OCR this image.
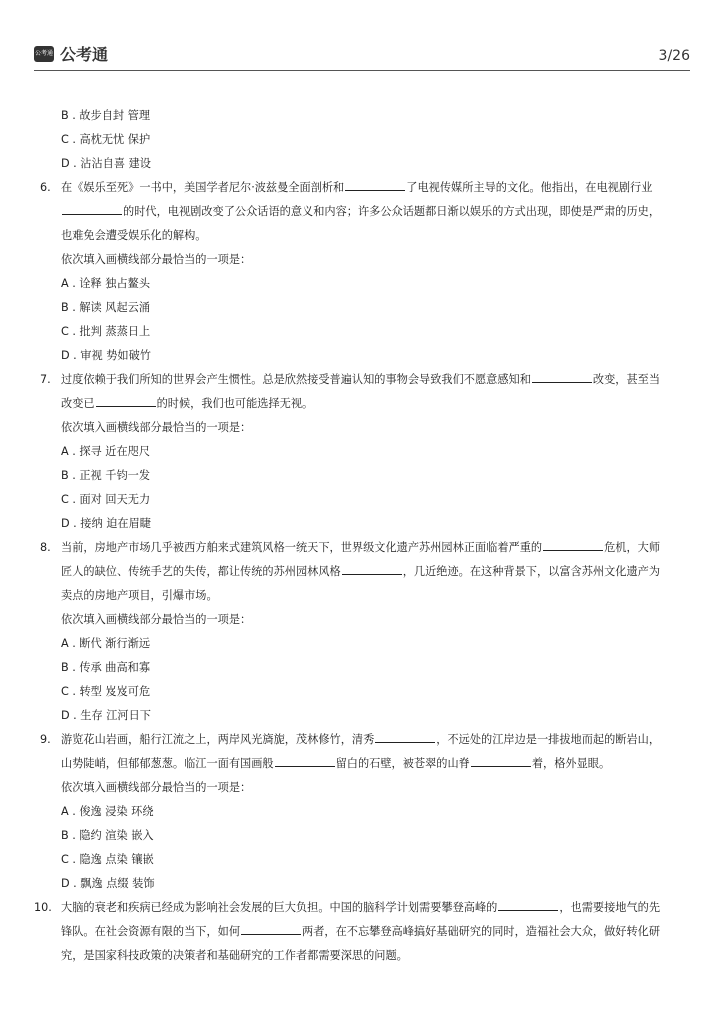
公考通 公考通	3/26
B . 故步自封 管理
C . 高枕无忧 保护
D . 沾沾自喜 建设
6. 在《娱乐至死》一书中，美国学者尼尔·波兹曼全面剖析和	了电视传媒所主导的文化。他指出，在电视剧行业
的时代，电视剧改变了公众话语的意义和内容；许多公众话题都日渐以娱乐的方式出现，即使是严肃的历史，
也难免会遭受娱乐化的解构。
依次填入画横线部分最恰当的一项是：
A . 诠释 独占鳌头
B . 解读 风起云涌
C . 批判 蒸蒸日上
D . 审视 势如破竹
7. 过度依赖于我们所知的世界会产生惯性。总是欣然接受普遍认知的事物会导致我们不愿意感知和	改变，甚至当
改变已	的时候，我们也可能选择无视。
依次填入画横线部分最恰当的一项是：
A . 探寻 近在咫尺
B . 正视 千钧一发
C . 面对 回天无力
D . 接纳 迫在眉睫
8. 当前，房地产市场几乎被西方舶来式建筑风格一统天下，世界级文化遗产苏州园林正面临着严重的	危机，大师
匠人的缺位、传统手艺的失传，都让传统的苏州园林风格	，几近绝迹。在这种背景下，以富含苏州文化遗产为
卖点的房地产项目，引爆市场。
依次填入画横线部分最恰当的一项是：
A . 断代 渐行渐远
B . 传承 曲高和寡
C . 转型 岌岌可危
D . 生存 江河日下
9. 游览花山岩画，船行江流之上，两岸风光旖旎，茂林修竹，清秀	，不远处的江岸边是一排拔地而起的断岩山，
山势陡峭，但郁郁葱葱。临江一面有国画般	留白的石壁，被苍翠的山脊	着，格外显眼。
依次填入画横线部分最恰当的一项是：
A . 俊逸 浸染 环绕
B . 隐约 渲染 嵌入
C . 隐逸 点染 镶嵌
D . 飘逸 点缀 装饰
10. 大脑的衰老和疾病已经成为影响社会发展的巨大负担。中国的脑科学计划需要攀登高峰的	，也需要接地气的先
锋队。在社会资源有限的当下，如何	两者，在不忘攀登高峰搞好基础研究的同时，造福社会大众，做好转化研
究，是国家科技政策的决策者和基础研究的工作者都需要深思的问题。
